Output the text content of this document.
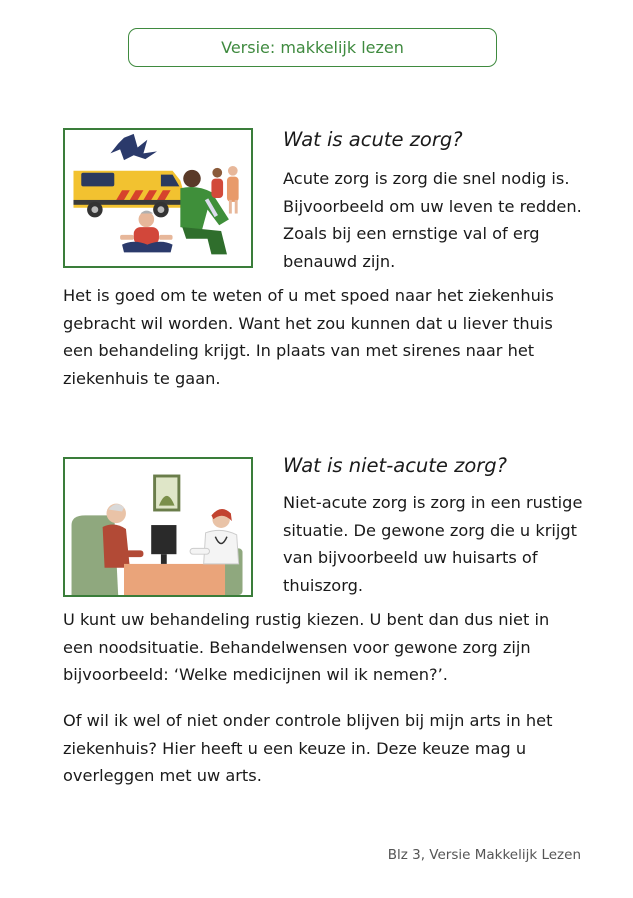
Versie: makkelijk lezen
Wat is acute zorg?

Acute zorg is zorg die snel nodig is. Bijvoorbeeld om uw leven te redden. Zoals bij een ernstige val of erg benauwd zijn.

Het is goed om te weten of u met spoed naar het ziekenhuis gebracht wil worden. Want het zou kunnen dat u liever thuis een behandeling krijgt. In plaats van met sirenes naar het ziekenhuis te gaan.

Wat is niet-acute zorg?

Niet-acute zorg is zorg in een rustige situatie. De gewone zorg die u krijgt van bijvoorbeeld uw huisarts of thuiszorg.

U kunt uw behandeling rustig kiezen. U bent dan dus niet in een noodsituatie. Behandelwensen voor gewone zorg zijn bijvoorbeeld: ‘Welke medicijnen wil ik nemen?’.

Of wil ik wel of niet onder controle blijven bij mijn arts in het ziekenhuis? Hier heeft u een keuze in. Deze keuze mag u overleggen met uw arts.

Blz 3, Versie Makkelijk Lezen
